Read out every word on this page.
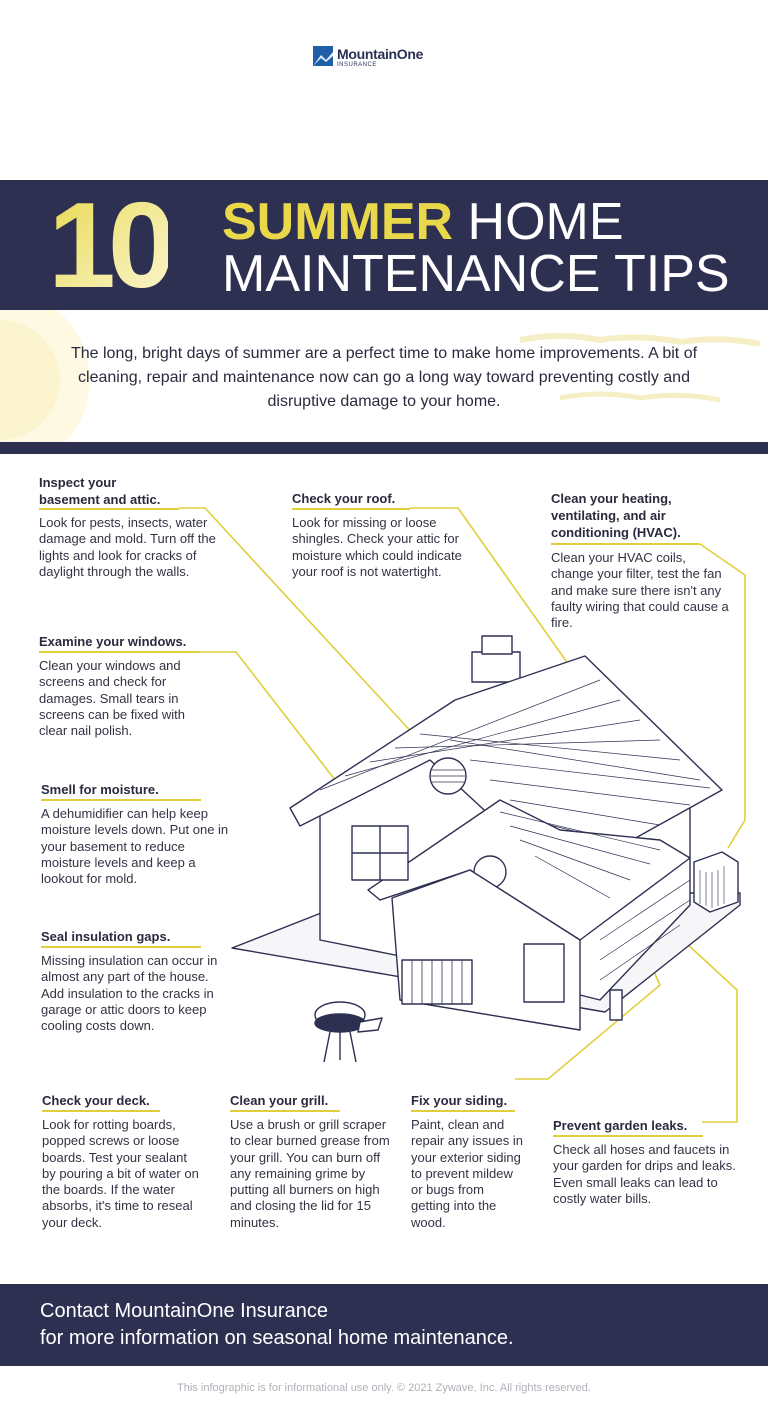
MountainOne
INSURANCE
10 SUMMER HOME
MAINTENANCE TIPS
The long, bright days of summer are a perfect time to make home improvements. A bit of cleaning, repair and maintenance now can go a long way toward preventing costly and disruptive damage to your home.
Inspect your
basement and attic.
Look for pests, insects, water damage and mold. Turn off the lights and look for cracks of daylight through the walls.
Check your roof.
Look for missing or loose shingles. Check your attic for moisture which could indicate your roof is not watertight.
Clean your heating,
ventilating, and air
conditioning (HVAC).
Clean your HVAC coils, change your filter, test the fan and make sure there isn't any faulty wiring that could cause a fire.
Examine your windows.
Clean your windows and screens and check for damages. Small tears in screens can be fixed with clear nail polish.
Smell for moisture.
A dehumidifier can help keep moisture levels down. Put one in your basement to reduce moisture levels and keep a lookout for mold.
Seal insulation gaps.
Missing insulation can occur in almost any part of the house. Add insulation to the cracks in garage or attic doors to keep cooling costs down.
Check your deck.
Look for rotting boards, popped screws or loose boards. Test your sealant by pouring a bit of water on the boards. If the water absorbs, it's time to reseal your deck.
Clean your grill.
Use a brush or grill scraper to clear burned grease from your grill. You can burn off any remaining grime by putting all burners on high and closing the lid for 15 minutes.
Fix your siding.
Paint, clean and repair any issues in your exterior siding to prevent mildew or bugs from getting into the wood.
Prevent garden leaks.
Check all hoses and faucets in your garden for drips and leaks. Even small leaks can lead to costly water bills.
Contact MountainOne Insurance
for more information on seasonal home maintenance.
This infographic is for informational use only. © 2021 Zywave, Inc. All rights reserved.
